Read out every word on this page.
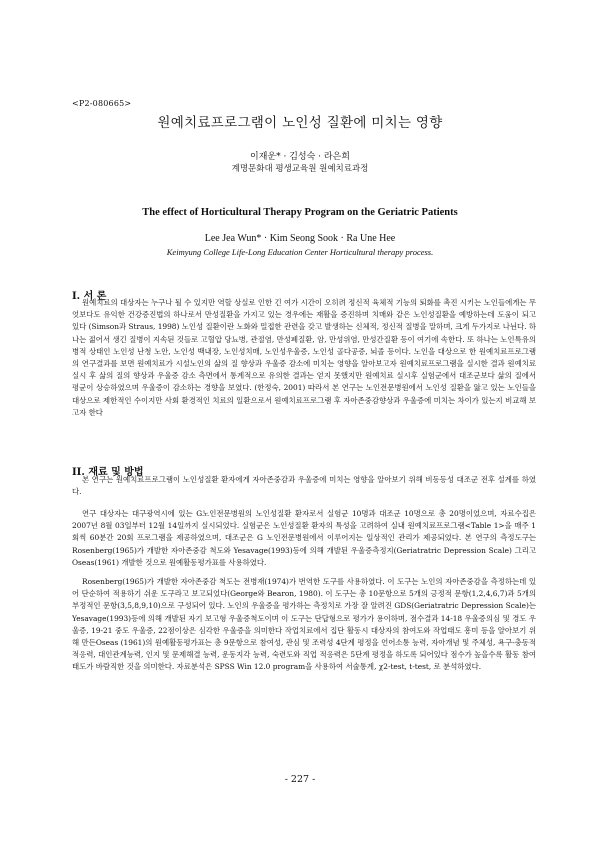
<P2-080665>
원예치료프로그램이 노인성 질환에 미치는 영향
이재운* · 김성숙 · 라은희
계명문화대 평생교육원 원예치료과정
The effect of Horticultural Therapy Program on the Geriatric Patients
Lee Jea Wun* · Kim Seong Sook · Ra Une Hee
Keimyung College Life-Long Education Center Horticultural therapy process.
I. 서 론

원예치료의 대상자는 누구나 될 수 있지만 역할 상실로 인한 긴 여가 시간이 오히려 정신적 육체적 기능의 퇴화를 촉진 시키는 노인들에게는 무엇보다도 유익한 건강증진법의 하나로서 만성질환을 가지고 있는 경우에는 재활을 증진하며 치매와 같은 노인성질환을 예방하는데 도움이 되고 있다 (Simson과 Straus, 1998) 노인성 질환이란 노화와 밀접한 관련을 갖고 발생하는 신체적, 정신적 질병을 말하며, 크게 두가지로 나뉜다. 하나는 젊어서 생긴 질병이 지속된 것들로 고혈압 당뇨병, 관절염, 만성폐질환, 암, 만성위염, 만성간질환 등이 여기에 속한다. 또 하나는 노인특유의 병적 상태인 노인성 난청 노안, 노인성 백내장, 노인성치매, 노인성우울증, 노인성 골다공증, 뇌졸 등이다. 노인을 대상으로 한 원예치료프로그램의 연구결과를 보면 원예치료가 시설노인의 삶의 질 향상과 우울증 감소에 미치는 영향을 알아보고자 원예치료프로그램을 실시한 결과 원예치료 실시 후 삶의 질의 향상과 우울증 감소 측면에서 통계적으로 유의한 결과는 얻지 못했지만 원예치료 실시후 실험군에서 대조군보다 삶의 질에서 평균이 상승하였으며 우울증이 감소하는 경향을 보였다. (한정숙, 2001) 따라서 본 연구는 노인전문병원에서 노인성 질환을 앓고 있는 노인들을 대상으로 제한적인 수이지만 사회 환경적인 치료의 일환으로서 원예치료프로그램 후 자아존중감향상과 우울증에 미치는 차이가 있는지 비교해 보고자 한다

II. 재료 및 방법

본 연구는 원예치료프로그램이 노인성질환 환자에게 자아존중감과 우울증에 미치는 영향을 알아보기 위해 비동등성 대조군 전후 설계를 하였다.

연구 대상자는 대구광역시에 있는 G노인전문병원의 노인성질환 환자로서 실험군 10명과 대조군 10명으로 총 20명이었으며, 자료수집은 2007년 8월 03일부터 12월 14일까지 실시되었다. 실험군은 노인성질환 환자의 특성을 고려하여 실내 원예치료프로그램<Table 1>을 매주 1회씩 60분간 20회 프로그램을 제공하였으며, 대조군은 G 노인전문병원에서 이루어지는 일상적인 관리가 제공되었다. 본 연구의 측정도구는 Rosenberg(1965)가 개발한 자아존중감 척도와 Yesavage(1993)등에 의해 개발된 우울증측정지(Geriatratric Depression Scale) 그리고 Oseas(1961) 개발한 것으로 원예활동평가표를 사용하였다.

Rosenberg(1965)가 개발한 자아존중감 척도는 전병재(1974)가 번역한 도구를 사용하였다. 이 도구는 노인의 자아존중감을 측정하는데 있어 단순하여 적용하기 쉬운 도구라고 보고되었다(George와 Bearon, 1980). 이 도구는 총 10문항으로 5개의 긍정적 문항(1,2,4,6,7)과 5개의 부정적인 문항(3,5,8,9,10)으로 구성되어 있다. 노인의 우울증을 평가하는 측정치로 가장 잘 알려진 GDS(Geriatratric Depression Scale)는 Yesavage(1993)등에 의해 개발된 자기 보고형 우울증척도이며 이 도구는 단답형으로 평가가 용이하며, 점수결과 14-18 우울증의심 및 경도 우울증, 19-21 중도 우울증, 22점이상은 심각한 우울증을 의미한다 작업치료에서 집단 활동시 대상자의 참여도와 작업태도 흥미 등을 알아보기 위해 만든Oseas (1961)의 원예활동평가표는 총 9문항으로 참여성, 관심 및 조력성 4단계 평정을 언어소통 능력, 자아개념 및 주체성, 욕구-충동적 적응력, 대인관계능력, 인지 및 문제해결 능력, 운동지각 능력, 숙련도와 직업 적응력은 5단계 평정을 하도록 되어있다 점수가 높을수록 활동 참여태도가 바람직한 것을 의미한다. 자료분석은 SPSS Win 12.0 program을 사용하여 서술통계, χ2-test, t-test, 로 분석하였다.

- 227 -
